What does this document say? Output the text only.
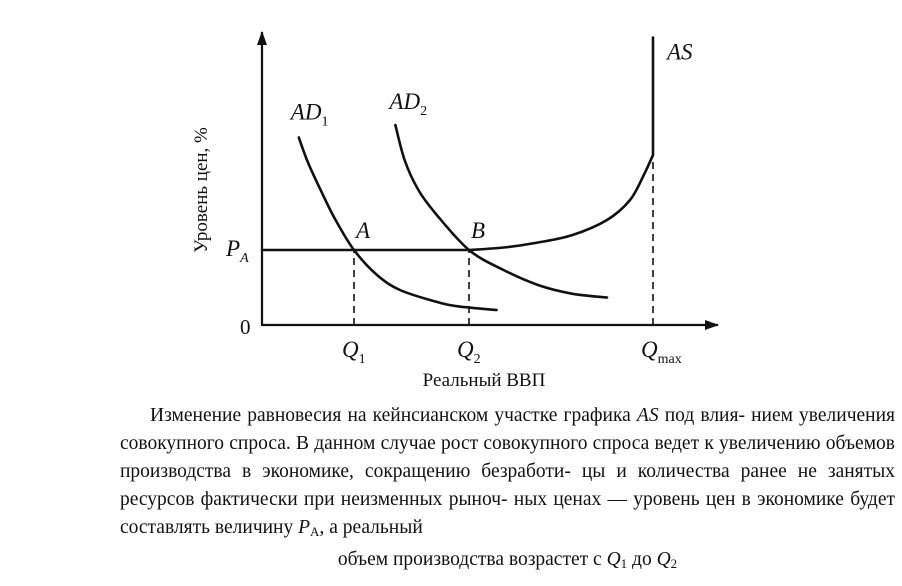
Уровень цен, %
0
Реальный ВВП
AS
$AD_1$
$AD_2$
A	B
$Q_1$	$Q_2$	$Q_{max}$
$P_A$
Изменение равновесия на кейнсианском участке графика AS под влия- нием увеличения совокупного спроса. В данном случае рост совокупного спроса ведет к увеличению объемов производства в экономике, сокращению безработи- цы и количества ранее не занятых ресурсов фактически при неизменных рыноч- ных ценах — уровень цен в экономике будет составлять величину $P_A$, а реальный
объем производства возрастет с $Q_1$ до $Q_2$
